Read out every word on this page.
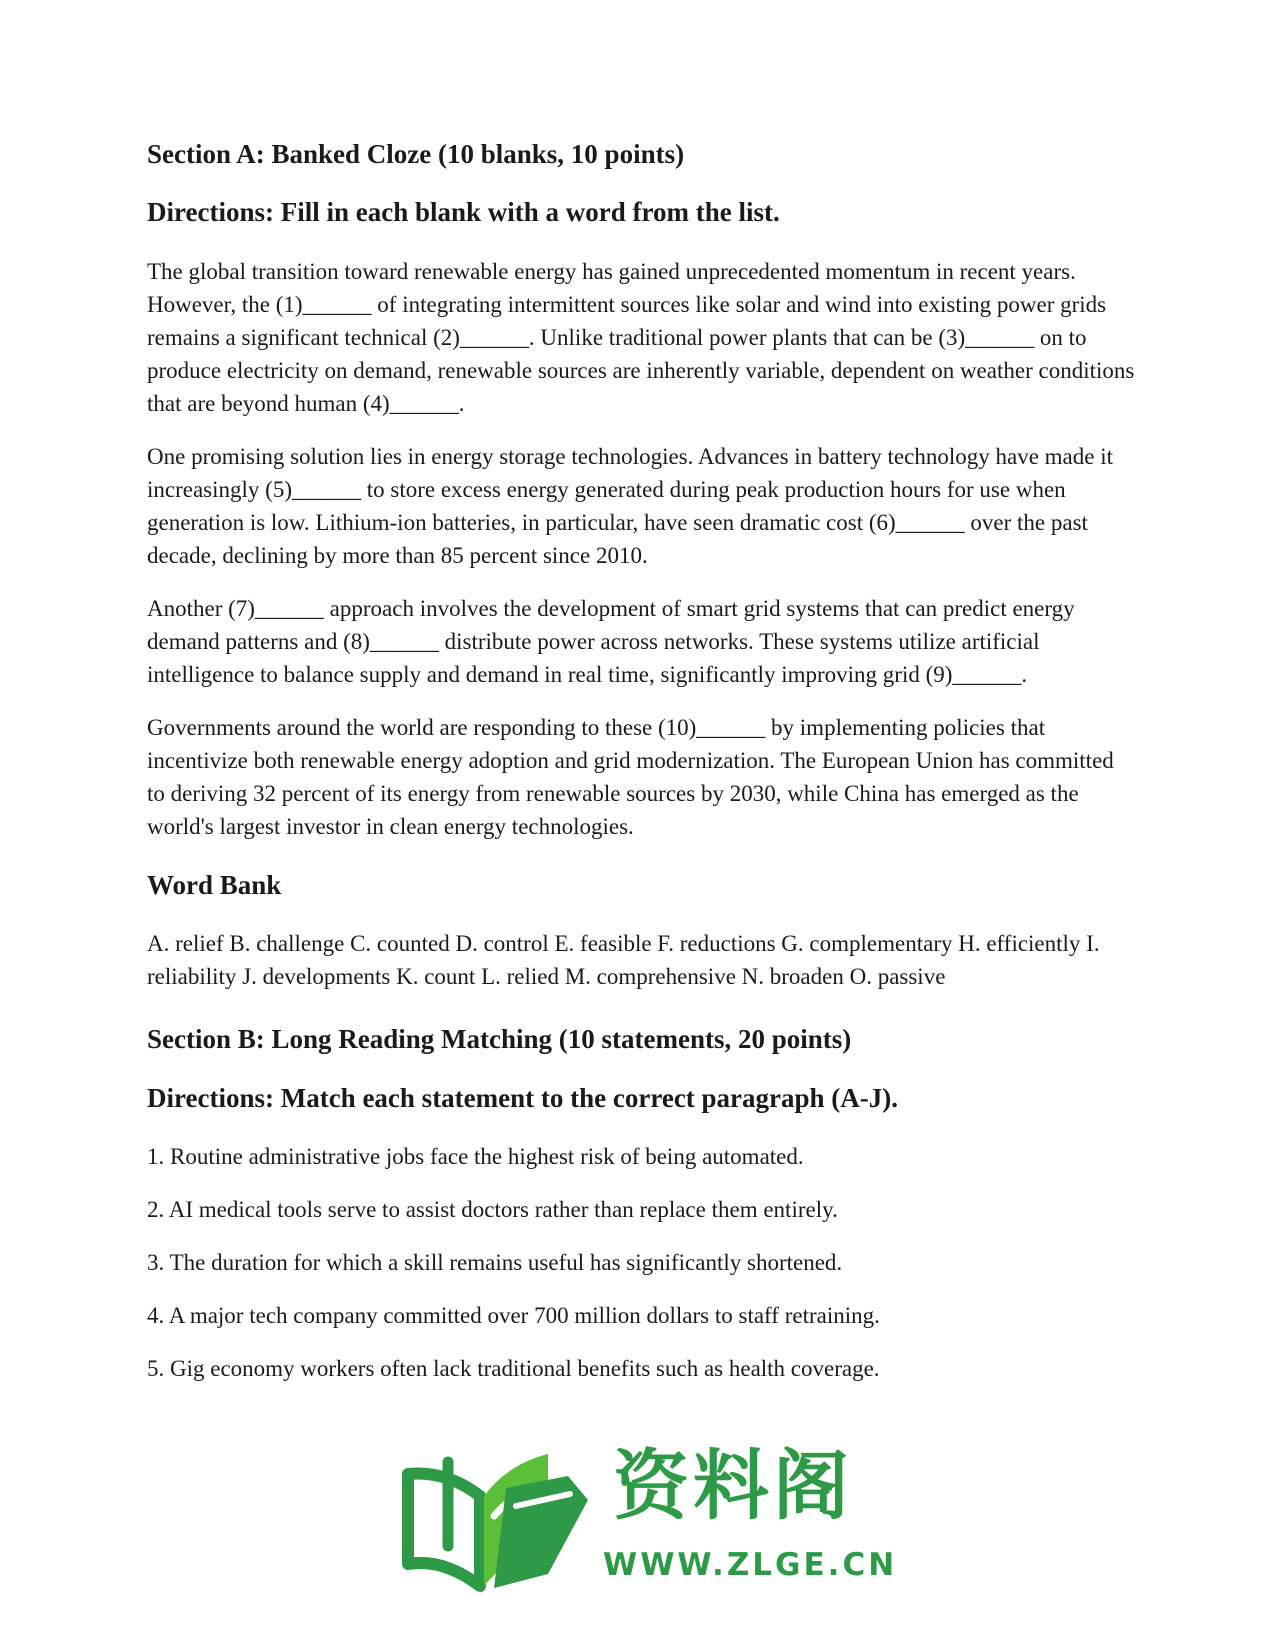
Section A: Banked Cloze (10 blanks, 10 points)
Directions: Fill in each blank with a word from the list.

The global transition toward renewable energy has gained unprecedented momentum in recent years. However, the (1)______ of integrating intermittent sources like solar and wind into existing power grids remains a significant technical (2)______. Unlike traditional power plants that can be (3)______ on to produce electricity on demand, renewable sources are inherently variable, dependent on weather conditions that are beyond human (4)______.

One promising solution lies in energy storage technologies. Advances in battery technology have made it increasingly (5)______ to store excess energy generated during peak production hours for use when generation is low. Lithium-ion batteries, in particular, have seen dramatic cost (6)______ over the past decade, declining by more than 85 percent since 2010.

Another (7)______ approach involves the development of smart grid systems that can predict energy demand patterns and (8)______ distribute power across networks. These systems utilize artificial intelligence to balance supply and demand in real time, significantly improving grid (9)______.

Governments around the world are responding to these (10)______ by implementing policies that incentivize both renewable energy adoption and grid modernization. The European Union has committed to deriving 32 percent of its energy from renewable sources by 2030, while China has emerged as the world's largest investor in clean energy technologies.

Word Bank

A. relief B. challenge C. counted D. control E. feasible F. reductions G. complementary H. efficiently I. reliability J. developments K. count L. relied M. comprehensive N. broaden O. passive

Section B: Long Reading Matching (10 statements, 20 points)
Directions: Match each statement to the correct paragraph (A-J).

1. Routine administrative jobs face the highest risk of being automated.

2. AI medical tools serve to assist doctors rather than replace them entirely.

3. The duration for which a skill remains useful has significantly shortened.

4. A major tech company committed over 700 million dollars to staff retraining.

5. Gig economy workers often lack traditional benefits such as health coverage.

资料阁
WWW.ZLGE.CN
